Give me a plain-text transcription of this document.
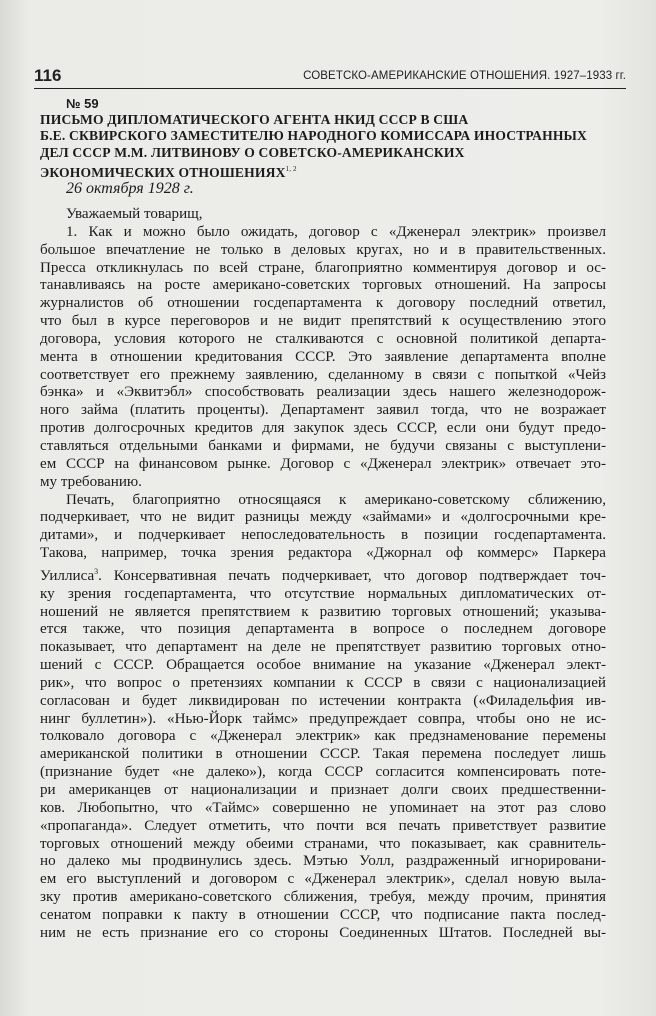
116	СОВЕТСКО-АМЕРИКАНСКИЕ ОТНОШЕНИЯ. 1927–1933 гг.
№ 59
ПИСЬМО ДИПЛОМАТИЧЕСКОГО АГЕНТА НКИД СССР В США
Б.Е. СКВИРСКОГО ЗАМЕСТИТЕЛЮ НАРОДНОГО КОМИССАРА ИНОСТРАННЫХ
ДЕЛ СССР М.М. ЛИТВИНОВУ О СОВЕТСКО-АМЕРИКАНСКИХ
ЭКОНОМИЧЕСКИХ ОТНОШЕНИЯХ$^{1, 2}$
26 октября 1928 г.

Уважаемый товарищ,

1. Как и можно было ожидать, договор с «Дженерал электрик» произвел
большое впечатление не только в деловых кругах, но и в правительственных.
Пресса откликнулась по всей стране, благоприятно комментируя договор и ос-
танавливаясь на росте американо-советских торговых отношений. На запросы
журналистов об отношении госдепартамента к договору последний ответил,
что был в курсе переговоров и не видит препятствий к осуществлению этого
договора, условия которого не сталкиваются с основной политикой департа-
мента в отношении кредитования СССР. Это заявление департамента вполне
соответствует его прежнему заявлению, сделанному в связи с попыткой «Чейз
бэнка» и «Эквитэбл» способствовать реализации здесь нашего железнодорож-
ного займа (платить проценты). Департамент заявил тогда, что не возражает
против долгосрочных кредитов для закупок здесь СССР, если они будут предо-
ставляться отдельными банками и фирмами, не будучи связаны с выступлени-
ем СССР на финансовом рынке. Договор с «Дженерал электрик» отвечает это-
му требованию.

Печать, благоприятно относящаяся к американо-советскому сближению,
подчеркивает, что не видит разницы между «займами» и «долгосрочными кре-
дитами», и подчеркивает непоследовательность в позиции госдепартамента.
Такова, например, точка зрения редактора «Джорнал оф коммерс» Паркера
Уиллиса$^3$. Консервативная печать подчеркивает, что договор подтверждает точ-
ку зрения госдепартамента, что отсутствие нормальных дипломатических от-
ношений не является препятствием к развитию торговых отношений; указыва-
ется также, что позиция департамента в вопросе о последнем договоре
показывает, что департамент на деле не препятствует развитию торговых отно-
шений с СССР. Обращается особое внимание на указание «Дженерал элект-
рик», что вопрос о претензиях компании к СССР в связи с национализацией
согласован и будет ликвидирован по истечении контракта («Филадельфия ив-
нинг буллетин»). «Нью-Йорк таймс» предупреждает совпра, чтобы оно не ис-
толковало договора с «Дженерал электрик» как предзнаменование перемены
американской политики в отношении СССР. Такая перемена последует лишь
(признание будет «не далеко»), когда СССР согласится компенсировать поте-
ри американцев от национализации и признает долги своих предшественни-
ков. Любопытно, что «Таймс» совершенно не упоминает на этот раз слово
«пропаганда». Следует отметить, что почти вся печать приветствует развитие
торговых отношений между обеими странами, что показывает, как сравнитель-
но далеко мы продвинулись здесь. Мэтью Уолл, раздраженный игнорировани-
ем его выступлений и договором с «Дженерал электрик», сделал новую выла-
зку против американо-советского сближения, требуя, между прочим, принятия
сенатом поправки к пакту в отношении СССР, что подписание пакта послед-
ним не есть признание его со стороны Соединенных Штатов. Последней вы-
